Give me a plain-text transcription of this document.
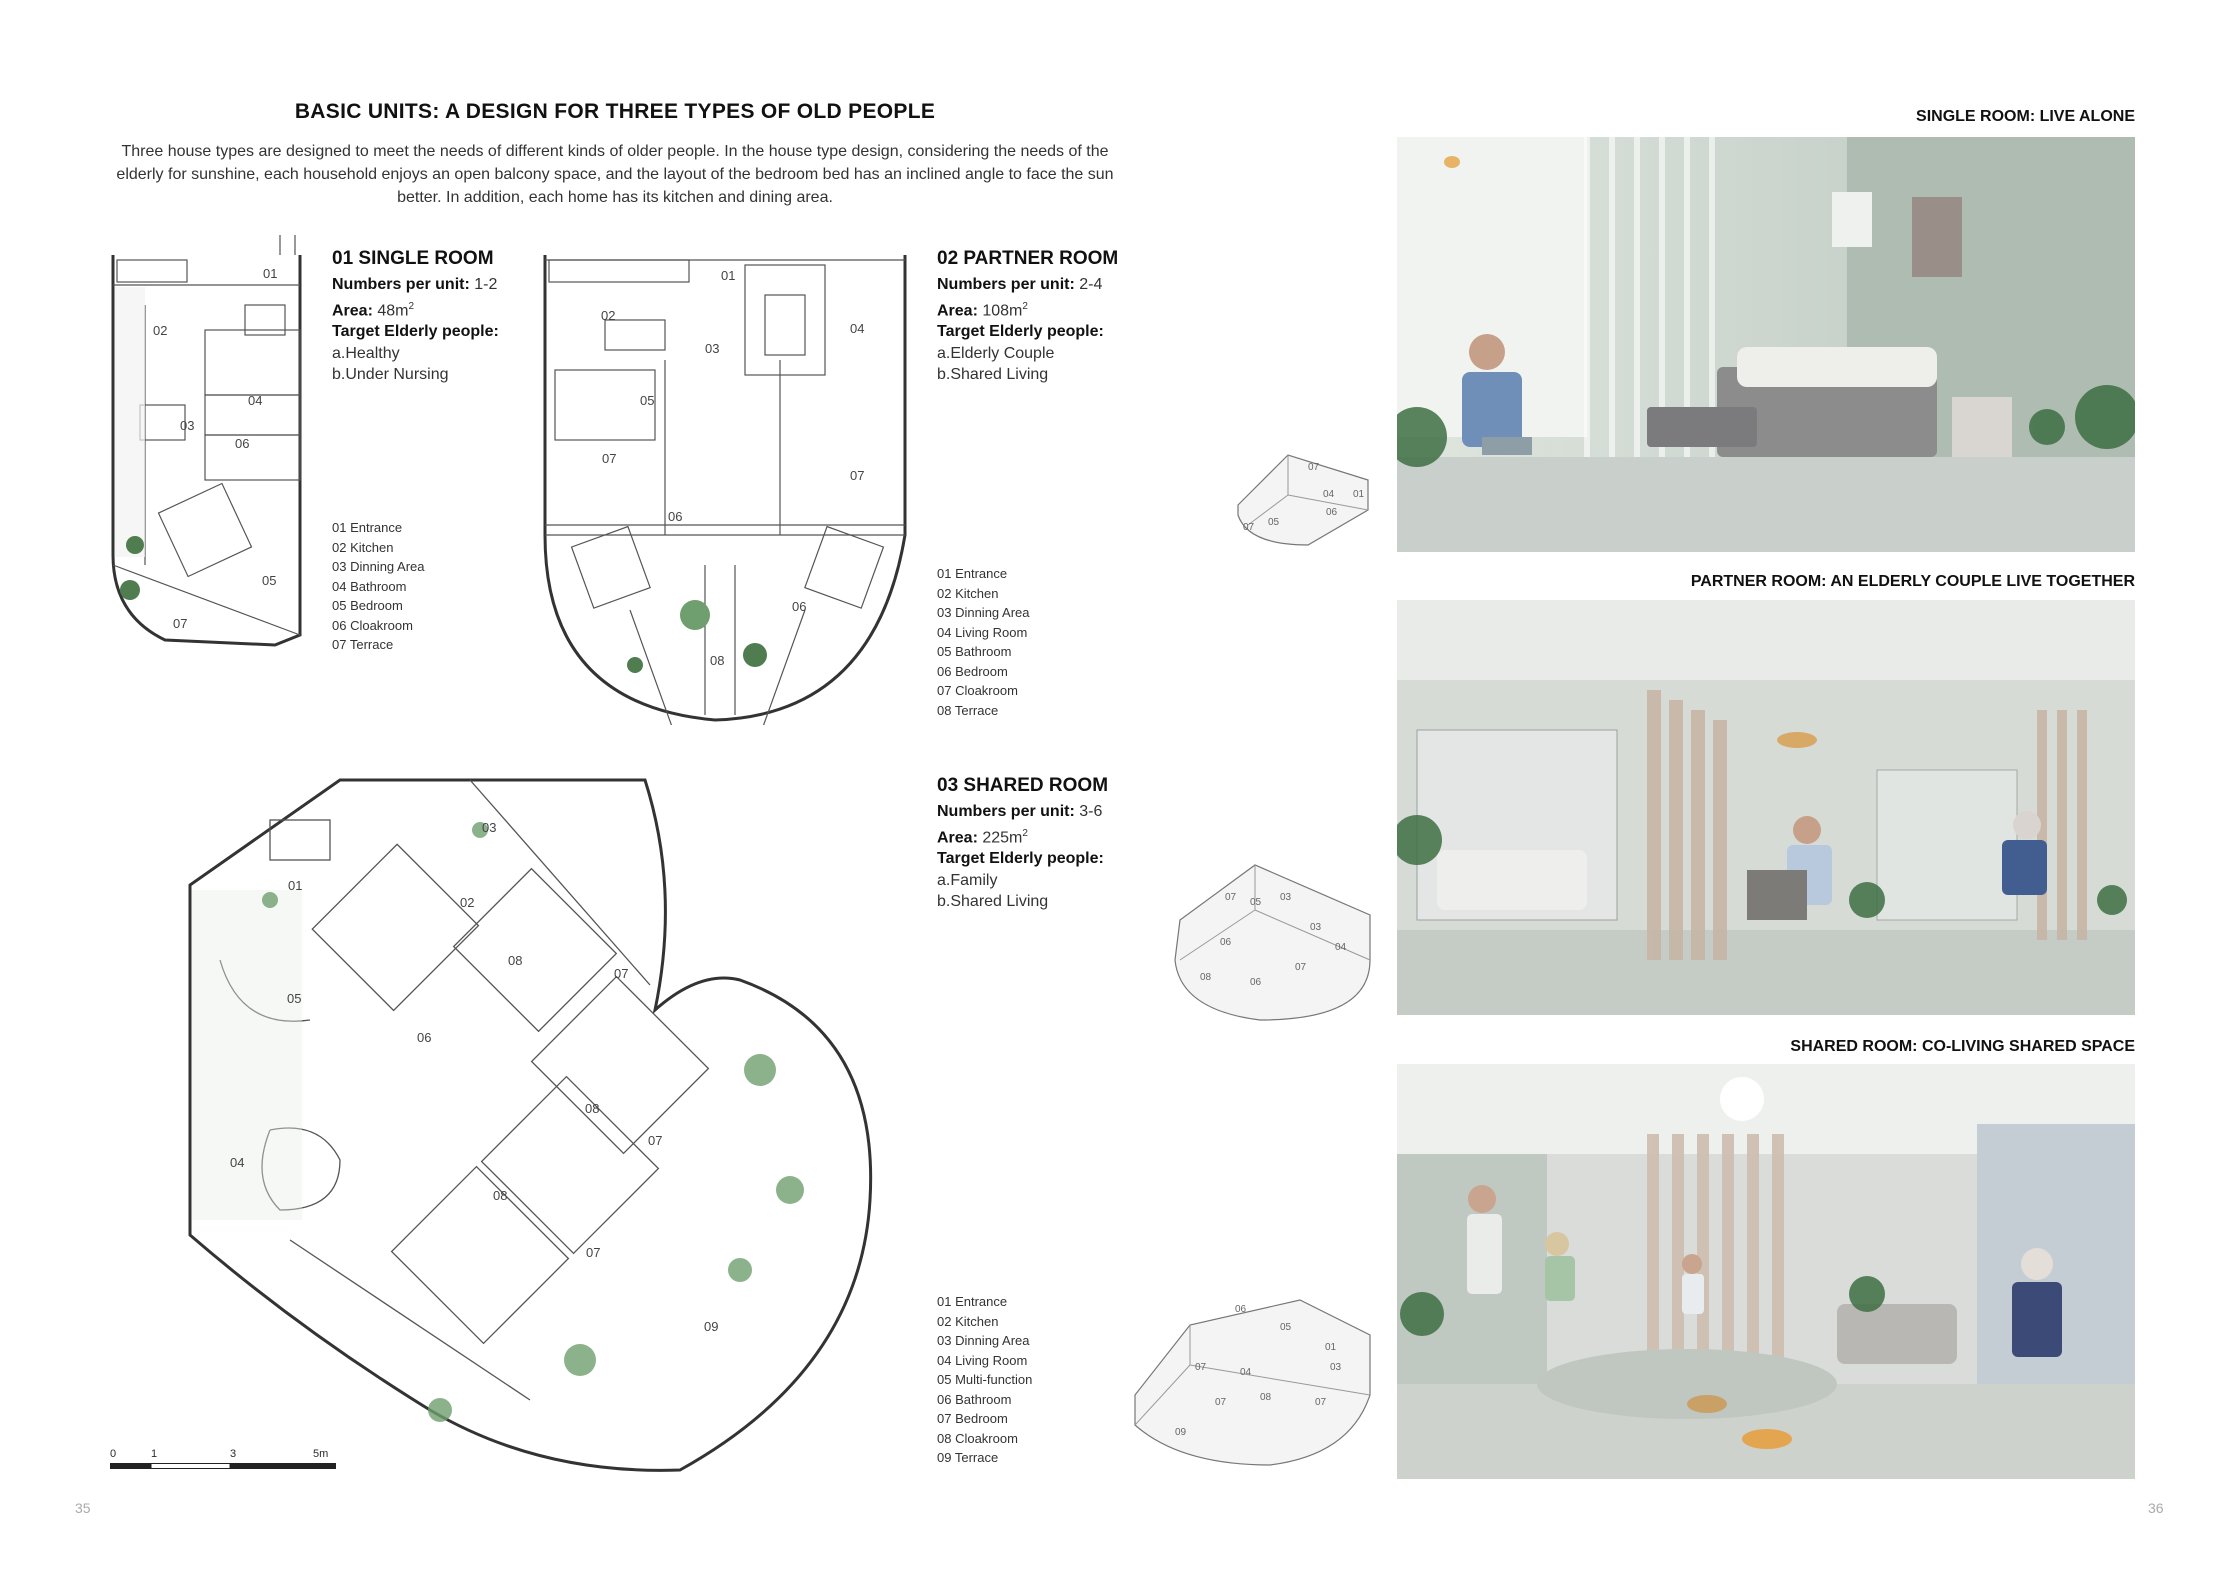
BASIC UNITS: A DESIGN FOR THREE TYPES OF OLD PEOPLE
Three house types are designed to meet the needs of different kinds of older people. In the house type design, considering the needs of the elderly for sunshine, each household enjoys an open balcony space, and the layout of the bedroom bed has an inclined angle to face the sun better. In addition, each home has its kitchen and dining area.
01
02
03
04
05
06
07
01 SINGLE ROOM
Numbers per unit: 1-2
Area: $48m^2$
Target Elderly people:
a.Healthy
b.Under Nursing
01 Entrance
02 Kitchen
03 Dinning Area
04 Bathroom
05 Bedroom
06 Cloakroom
07 Terrace
01
02
03
04
05
06
06
07
07
08
02 PARTNER ROOM
Numbers per unit: 2-4
Area: $108m^2$
Target Elderly people:
a.Elderly Couple
b.Shared Living
01 Entrance
02 Kitchen
03 Dinning Area
04 Living Room
05 Bathroom
06 Bedroom
07 Cloakroom
08 Terrace
01
02
03
04
05
06
07
07
07
08
08
08
09
03 SHARED ROOM
Numbers per unit: 3-6
Area: $225m^2$
Target Elderly people:
a.Family
b.Shared Living
01 Entrance
02 Kitchen
03 Dinning Area
04 Living Room
05 Multi-function
06 Bathroom
07 Bedroom
08 Cloakroom
09 Terrace
0	1	3	5m
07
04 01
05
07
06
07 05 03
03
04
06
08	06
07
06
05
01
03
07	04
07	08	07
09
SINGLE ROOM: LIVE ALONE
PARTNER ROOM: AN ELDERLY COUPLE LIVE TOGETHER
SHARED ROOM: CO-LIVING SHARED SPACE
35	36
